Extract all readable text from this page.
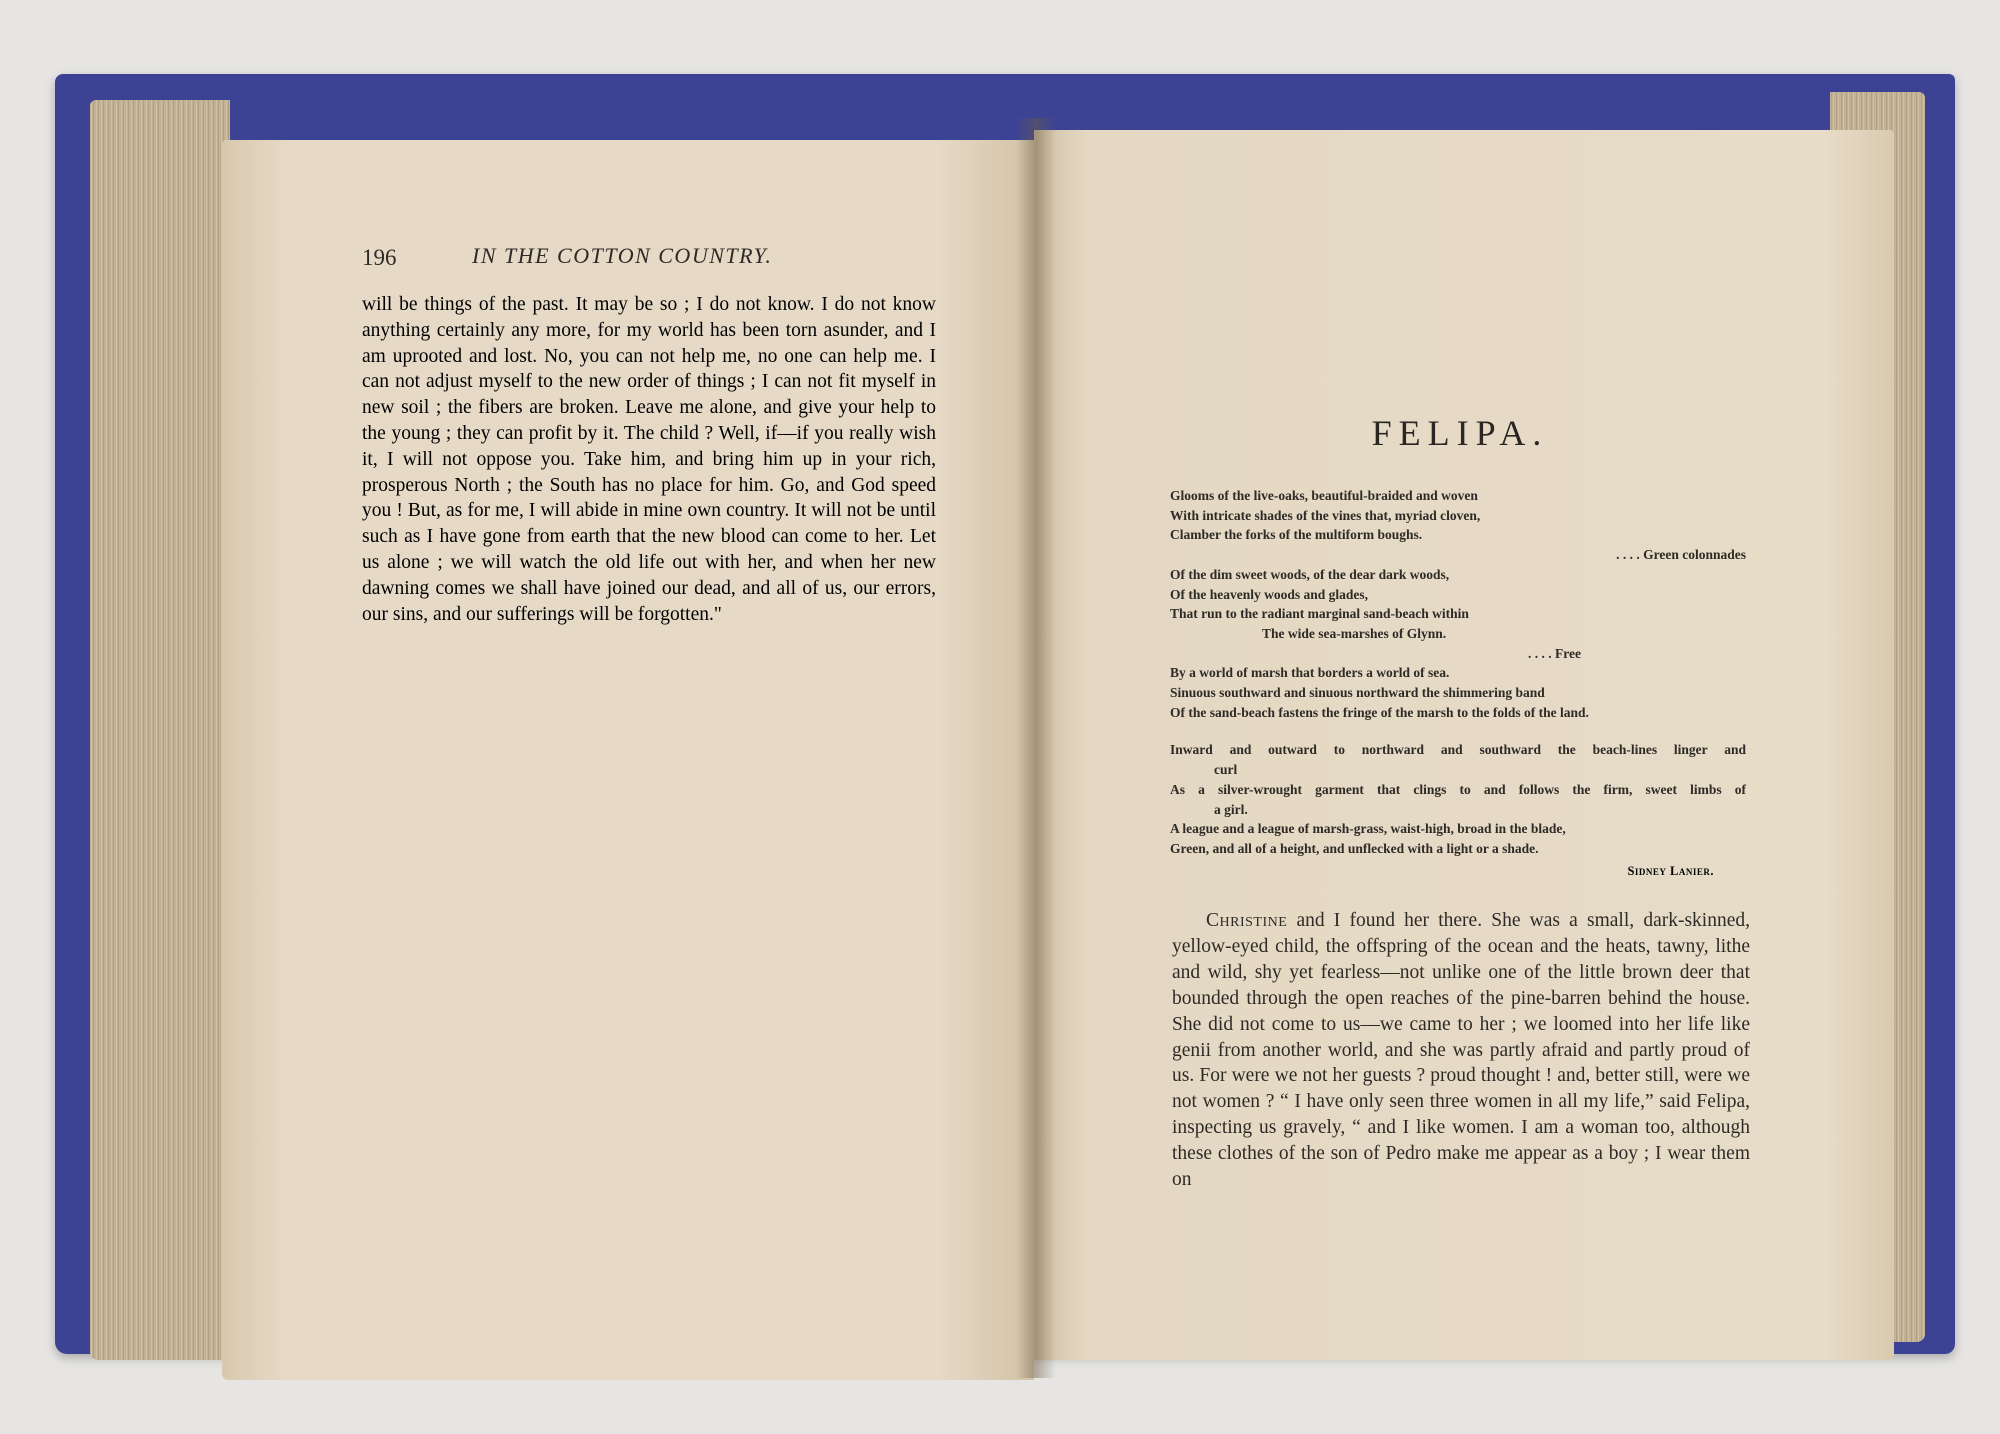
196	IN THE COTTON COUNTRY.

will be things of the past. It may be so ; I do not know. I do not know anything certainly any more, for my world has been torn asunder, and I am uprooted and lost. No, you can not help me, no one can help me. I can not adjust myself to the new order of things ; I can not fit myself in new soil ; the fibers are broken. Leave me alone, and give your help to the young ; they can profit by it. The child ? Well, if—if you really wish it, I will not oppose you. Take him, and bring him up in your rich, prosperous North ; the South has no place for him. Go, and God speed you ! But, as for me, I will abide in mine own country. It will not be until such as I have gone from earth that the new blood can come to her. Let us alone ; we will watch the old life out with her, and when her new dawning comes we shall have joined our dead, and all of us, our errors, our sins, and our sufferings will be forgotten."

FELIPA.
Glooms of the live-oaks, beautiful-braided and woven
With intricate shades of the vines that, myriad cloven,
Clamber the forks of the multiform boughs.
. . . . Green colonnades
Of the dim sweet woods, of the dear dark woods,
Of the heavenly woods and glades,
That run to the radiant marginal sand-beach within
The wide sea-marshes of Glynn.
. . . . Free
By a world of marsh that borders a world of sea.
Sinuous southward and sinuous northward the shimmering band
Of the sand-beach fastens the fringe of the marsh to the folds of the land.
Inward and outward to northward and southward the beach-lines linger and
curl
As a silver-wrought garment that clings to and follows the firm, sweet limbs of
a girl.
A league and a league of marsh-grass, waist-high, broad in the blade,
Green, and all of a height, and unflecked with a light or a shade.
Sidney Lanier.
Christine and I found her there. She was a small, dark-skinned, yellow-eyed child, the offspring of the ocean and the heats, tawny, lithe and wild, shy yet fearless—not unlike one of the little brown deer that bounded through the open reaches of the pine-barren behind the house. She did not come to us—we came to her ; we loomed into her life like genii from another world, and she was partly afraid and partly proud of us. For were we not her guests ? proud thought ! and, better still, were we not women ? “ I have only seen three women in all my life,” said Felipa, inspecting us gravely, “ and I like women. I am a woman too, although these clothes of the son of Pedro make me appear as a boy ; I wear them on
